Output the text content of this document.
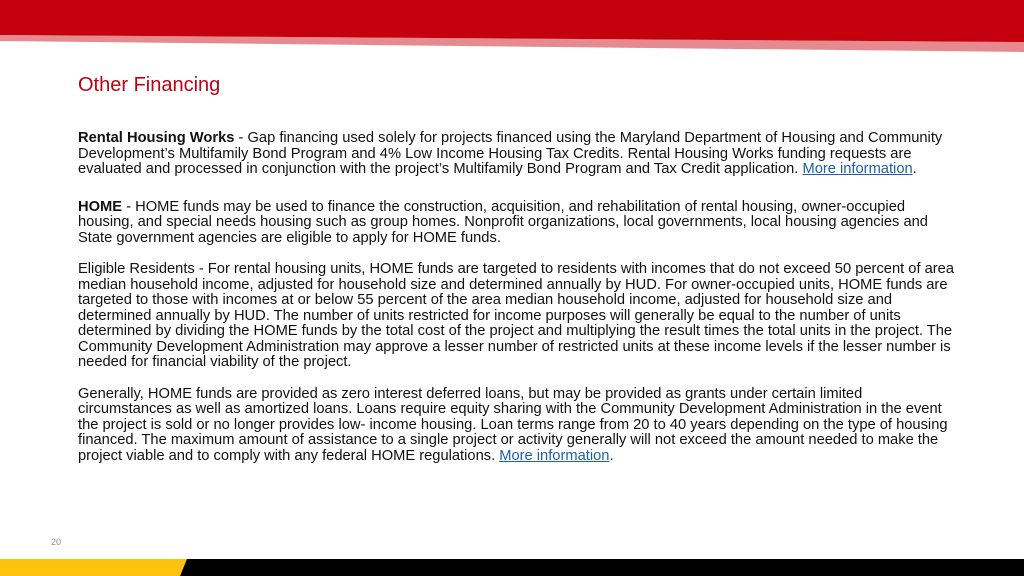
Other Financing

Rental Housing Works - Gap financing used solely for projects financed using the Maryland Department of Housing and Community Development’s Multifamily Bond Program and 4% Low Income Housing Tax Credits. Rental Housing Works funding requests are evaluated and processed in conjunction with the project’s Multifamily Bond Program and Tax Credit application. More information.

HOME - HOME funds may be used to finance the construction, acquisition, and rehabilitation of rental housing, owner-occupied housing, and special needs housing such as group homes. Nonprofit organizations, local governments, local housing agencies and State government agencies are eligible to apply for HOME funds.

Eligible Residents - For rental housing units, HOME funds are targeted to residents with incomes that do not exceed 50 percent of area median household income, adjusted for household size and determined annually by HUD. For owner-occupied units, HOME funds are targeted to those with incomes at or below 55 percent of the area median household income, adjusted for household size and determined annually by HUD. The number of units restricted for income purposes will generally be equal to the number of units determined by dividing the HOME funds by the total cost of the project and multiplying the result times the total units in the project. The Community Development Administration may approve a lesser number of restricted units at these income levels if the lesser number is needed for financial viability of the project.

Generally, HOME funds are provided as zero interest deferred loans, but may be provided as grants under certain limited circumstances as well as amortized loans. Loans require equity sharing with the Community Development Administration in the event the project is sold or no longer provides low- income housing. Loan terms range from 20 to 40 years depending on the type of housing financed. The maximum amount of assistance to a single project or activity generally will not exceed the amount needed to make the project viable and to comply with any federal HOME regulations. More information.

20
